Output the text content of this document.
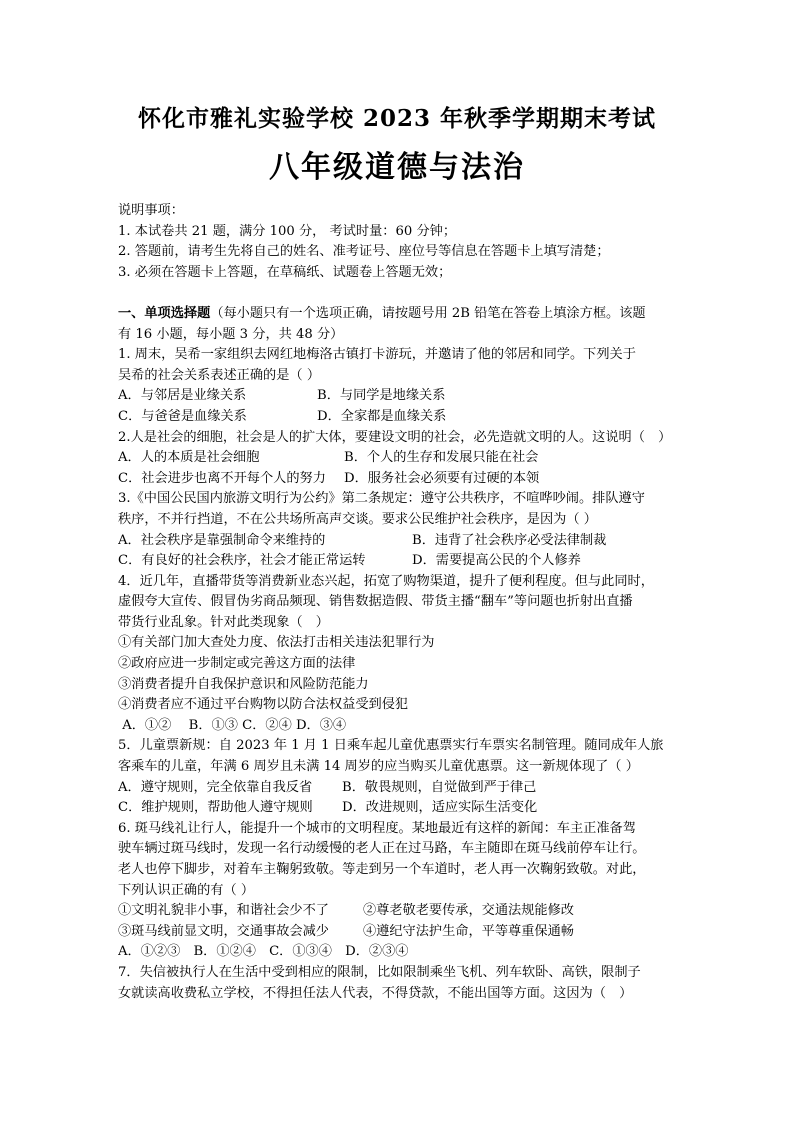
怀化市雅礼实验学校 2023 年秋季学期期末考试
八年级道德与法治
说明事项：
1. 本试卷共 21 题，满分 100 分， 考试时量：60 分钟；
2. 答题前，请考生先将自己的姓名、准考证号、座位号等信息在答题卡上填写清楚；
3. 必须在答题卡上答题，在草稿纸、试题卷上答题无效；
一、单项选择题（每小题只有一个选项正确，请按题号用 2B 铅笔在答卷上填涂方框。该题
有 16 小题，每小题 3 分，共 48 分）
1. 周末，吴希一家组织去网红地梅洛古镇打卡游玩，并邀请了他的邻居和同学。下列关于
吴希的社会关系表述正确的是（ ）
A．与邻居是业缘关系	B．与同学是地缘关系
C．与爸爸是血缘关系	D．全家都是血缘关系
2.人是社会的细胞，社会是人的扩大体，要建设文明的社会，必先造就文明的人。这说明（　）
A．人的本质是社会细胞	B．个人的生存和发展只能在社会
C．社会进步也离不开每个人的努力	D．服务社会必须要有过硬的本领
3.《中国公民国内旅游文明行为公约》第二条规定：遵守公共秩序，不喧哗吵闹。排队遵守
秩序，不并行挡道，不在公共场所高声交谈。要求公民维护社会秩序，是因为（ ）
A．社会秩序是靠强制命令来维持的	B．违背了社会秩序必受法律制裁
C．有良好的社会秩序，社会才能正常运转	D．需要提高公民的个人修养
4．近几年，直播带货等消费新业态兴起，拓宽了购物渠道，提升了便利程度。但与此同时，
虚假夸大宣传、假冒伪劣商品频现、销售数据造假、带货主播“翻车”等问题也折射出直播
带货行业乱象。针对此类现象（　）
①有关部门加大查处力度、依法打击相关违法犯罪行为
②政府应进一步制定或完善这方面的法律
③消费者提升自我保护意识和风险防范能力
④消费者应不通过平台购物以防合法权益受到侵犯
A．①②　 B．①③ C．②④ D．③④
5．儿童票新规：自 2023 年 1 月 1 日乘车起儿童优惠票实行车票实名制管理。随同成年人旅
客乘车的儿童，年满 6 周岁且未满 14 周岁的应当购买儿童优惠票。这一新规体现了（ ）
A．遵守规则，完全依靠自我反省	B．敬畏规则，自觉做到严于律己
C．维护规则，帮助他人遵守规则	D．改进规则，适应实际生活变化
6. 斑马线礼让行人，能提升一个城市的文明程度。某地最近有这样的新闻：车主正准备驾
驶车辆过斑马线时，发现一名行动缓慢的老人正在过马路，车主随即在斑马线前停车让行。
老人也停下脚步，对着车主鞠躬致敬。等走到另一个车道时，老人再一次鞠躬致敬。对此，
下列认识正确的有（ ）
①文明礼貌非小事，和谐社会少不了	②尊老敬老要传承，交通法规能修改
③斑马线前显文明，交通事故会减少	④遵纪守法护生命，平等尊重保通畅
A．①②③　B．①②④　C．①③④　D．②③④
7．失信被执行人在生活中受到相应的限制，比如限制乘坐飞机、列车软卧、高铁，限制子
女就读高收费私立学校，不得担任法人代表，不得贷款，不能出国等方面。这因为（　）
